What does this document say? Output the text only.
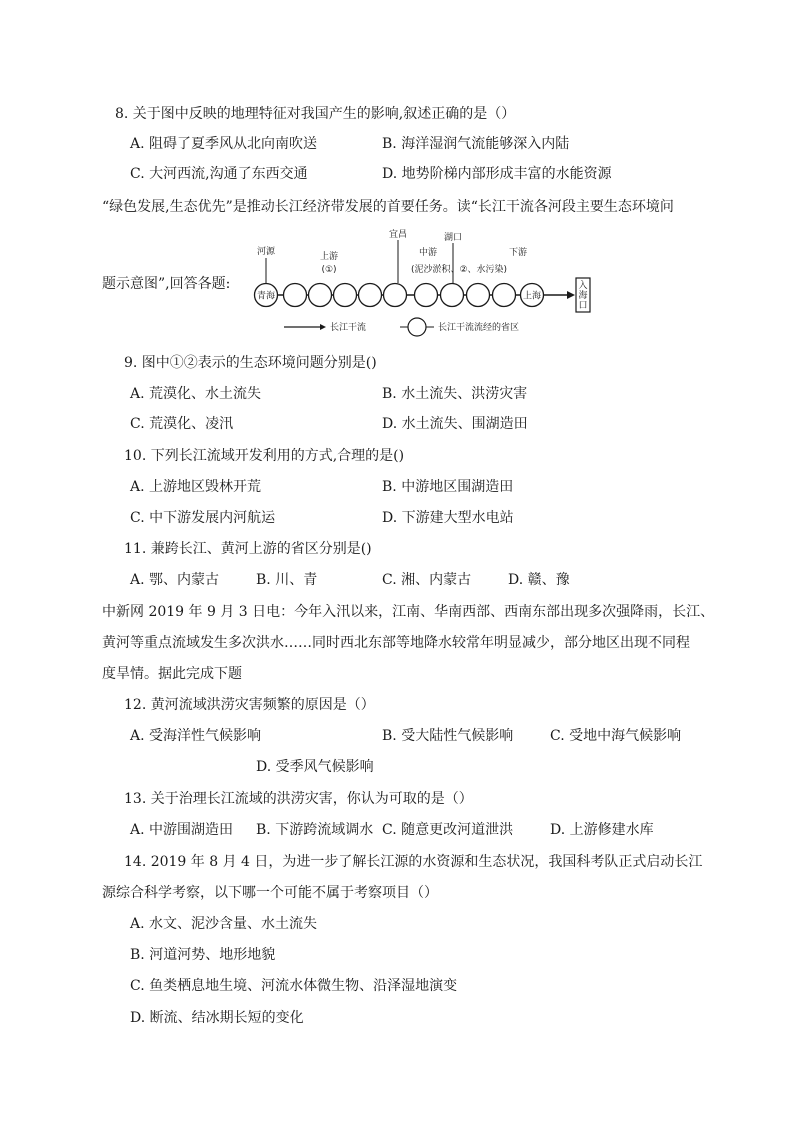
8. 关于图中反映的地理特征对我国产生的影响,叙述正确的是（）
A. 阻碍了夏季风从北向南吹送	B. 海洋湿润气流能够深入内陆
C. 大河西流,沟通了东西交通	D. 地势阶梯内部形成丰富的水能资源
“绿色发展,生态优先”是推动长江经济带发展的首要任务。读“长江干流各河段主要生态环境问
题示意图”,回答各题:
青海	上海
入
海
口
河源	上游
(①)
宜昌	湖口
中游
(泥沙淤积、②、水污染)
下游
长江干流	长江干流流经的省区
9. 图中①②表示的生态环境问题分别是()
A. 荒漠化、水土流失	B. 水土流失、洪涝灾害
C. 荒漠化、凌汛	D. 水土流失、围湖造田
10. 下列长江流域开发利用的方式,合理的是()
A. 上游地区毁林开荒	B. 中游地区围湖造田
C. 中下游发展内河航运	D. 下游建大型水电站
11. 兼跨长江、黄河上游的省区分别是()
A. 鄂、内蒙古	B. 川、青	C. 湘、内蒙古	D. 赣、豫
中新网 2019 年 9 月 3 日电：今年入汛以来，江南、华南西部、西南东部出现多次强降雨，长江、
黄河等重点流域发生多次洪水……同时西北东部等地降水较常年明显减少，部分地区出现不同程
度旱情。据此完成下题
12. 黄河流域洪涝灾害频繁的原因是（）
A. 受海洋性气候影响	B. 受大陆性气候影响	C. 受地中海气候影响
D. 受季风气候影响
13. 关于治理长江流域的洪涝灾害，你认为可取的是（）
A. 中游围湖造田 B. 下游跨流域调水 C. 随意更改河道泄洪	D. 上游修建水库
14. 2019 年 8 月 4 日，为进一步了解长江源的水资源和生态状况，我国科考队正式启动长江
源综合科学考察，以下哪一个可能不属于考察项目（）
A. 水文、泥沙含量、水土流失
B. 河道河势、地形地貌
C. 鱼类栖息地生境、河流水体微生物、沿泽湿地演变
D. 断流、结冰期长短的变化
